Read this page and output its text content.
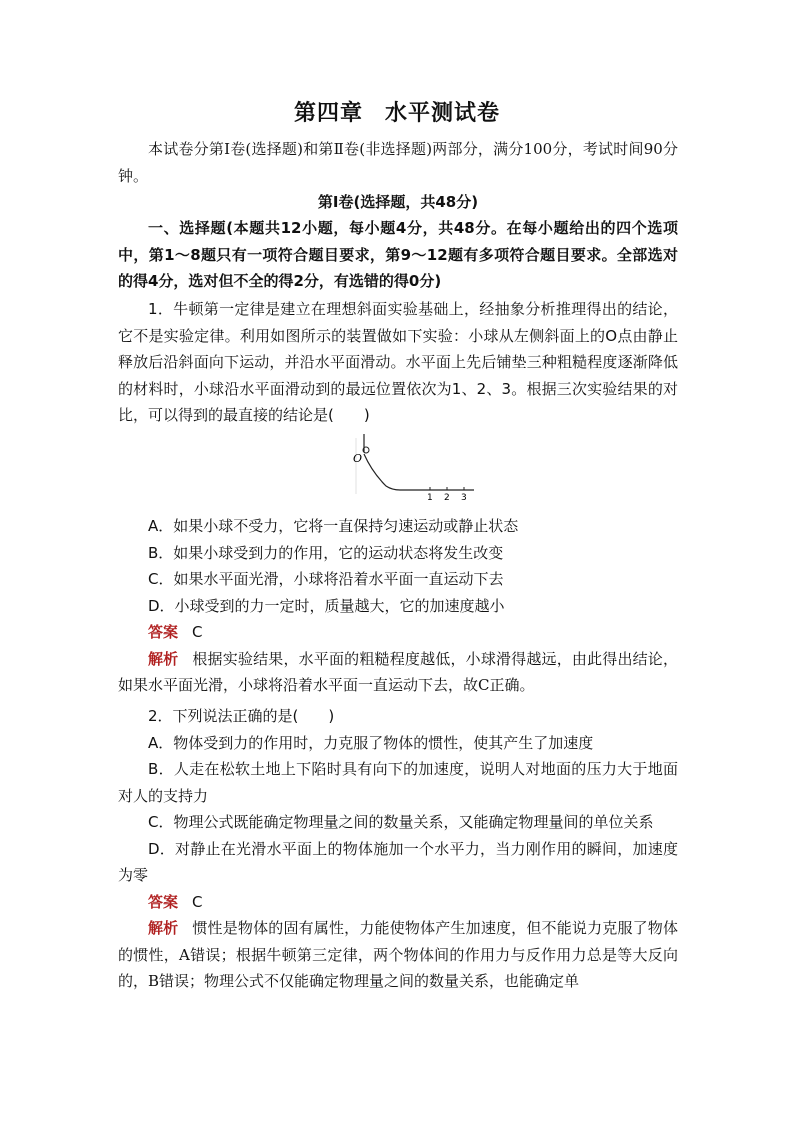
第四章 水平测试卷
本试卷分第Ⅰ卷(选择题)和第Ⅱ卷(非选择题)两部分，满分100分，考试时间90分钟。
第Ⅰ卷(选择题，共48分)
一、选择题(本题共12小题，每小题4分，共48分。在每小题给出的四个选项中，第1～8题只有一项符合题目要求，第9～12题有多项符合题目要求。全部选对的得4分，选对但不全的得2分，有选错的得0分)
1．牛顿第一定律是建立在理想斜面实验基础上，经抽象分析推理得出的结论，它不是实验定律。利用如图所示的装置做如下实验：小球从左侧斜面上的O点由静止释放后沿斜面向下运动，并沿水平面滑动。水平面上先后铺垫三种粗糙程度逐渐降低的材料时，小球沿水平面滑动到的最远位置依次为1、2、3。根据三次实验结果的对比，可以得到的最直接的结论是(　　)
O
1 2 3

A．如果小球不受力，它将一直保持匀速运动或静止状态

B．如果小球受到力的作用，它的运动状态将发生改变

C．如果水平面光滑，小球将沿着水平面一直运动下去

D．小球受到的力一定时，质量越大，它的加速度越小

答案 C

解析 根据实验结果，水平面的粗糙程度越低，小球滑得越远，由此得出结论，如果水平面光滑，小球将沿着水平面一直运动下去，故C正确。

2．下列说法正确的是(　　)

A．物体受到力的作用时，力克服了物体的惯性，使其产生了加速度

B．人走在松软土地上下陷时具有向下的加速度，说明人对地面的压力大于地面对人的支持力

C．物理公式既能确定物理量之间的数量关系，又能确定物理量间的单位关系

D．对静止在光滑水平面上的物体施加一个水平力，当力刚作用的瞬间，加速度为零

答案 C

解析 惯性是物体的固有属性，力能使物体产生加速度，但不能说力克服了物体的惯性，A错误；根据牛顿第三定律，两个物体间的作用力与反作用力总是等大反向的，B错误；物理公式不仅能确定物理量之间的数量关系，也能确定单
